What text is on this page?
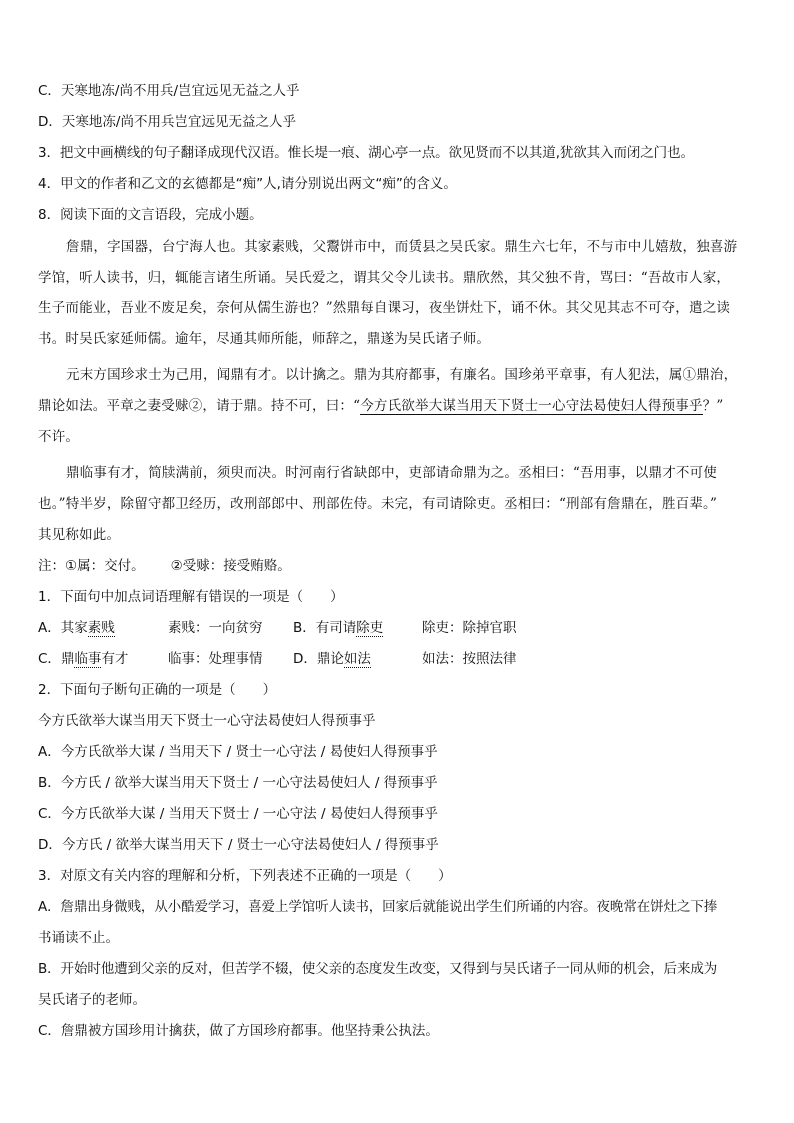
C．天寒地冻/尚不用兵/岂宜远见无益之人乎
D．天寒地冻/尚不用兵岂宜远见无益之人乎
3．把文中画横线的句子翻译成现代汉语。惟长堤一痕、湖心亭一点。欲见贤而不以其道,犹欲其入而闭之门也。
4．甲文的作者和乙文的玄德都是“痴”人,请分别说出两文“痴”的含义。
8．阅读下面的文言语段，完成小题。
詹鼎，字国器，台宁海人也。其家素贱，父鬻饼市中，而赁县之吴氏家。鼎生六七年，不与市中儿嬉敖，独喜游
学馆，听人读书，归，辄能言诸生所诵。吴氏爱之，谓其父令儿读书。鼎欣然，其父独不肯，骂曰：“吾故市人家，
生子而能业，吾业不废足矣，奈何从儒生游也？”然鼎每自课习，夜坐饼灶下，诵不休。其父见其志不可夺，遣之读
书。时吴氏家延师儒。逾年，尽通其师所能，师辞之，鼎遂为吴氏诸子师。
元末方国珍求士为己用，闻鼎有才。以计擒之。鼎为其府都事，有廉名。国珍弟平章事，有人犯法，属①鼎治，
鼎论如法。平章之妻受赇②，请于鼎。持不可，曰：“今方氏欲举大谋当用天下贤士一心守法曷使妇人得预事乎？”
不许。
鼎临事有才，简牍满前，须臾而决。时河南行省缺郎中，吏部请命鼎为之。丞相曰：“吾用事，以鼎才不可使
也。”特半岁，除留守都卫经历，改刑部郎中、刑部佐侍。未完，有司请除吏。丞相曰：“刑部有詹鼎在，胜百辈。”
其见称如此。
注：①属：交付。 ②受赇：接受贿赂。
1．下面句中加点词语理解有错误的一项是（　　）
A．其家素贱	素贱：一向贫穷 B．有司请除吏	除吏：除掉官职
C．鼎临事有才	临事：处理事情 D．鼎论如法	如法：按照法律
2．下面句子断句正确的一项是（　　）
今方氏欲举大谋当用天下贤士一心守法曷使妇人得预事乎
A．今方氏欲举大谋 / 当用天下 / 贤士一心守法 / 曷使妇人得预事乎
B．今方氏 / 欲举大谋当用天下贤士 / 一心守法曷使妇人 / 得预事乎
C．今方氏欲举大谋 / 当用天下贤士 / 一心守法 / 曷使妇人得预事乎
D．今方氏 / 欲举大谋当用天下 / 贤士一心守法曷使妇人 / 得预事乎
3．对原文有关内容的理解和分析，下列表述不正确的一项是（　　）
A．詹鼎出身微贱，从小酷爱学习，喜爱上学馆听人读书，回家后就能说出学生们所诵的内容。夜晚常在饼灶之下捧
书诵读不止。
B．开始时他遭到父亲的反对，但苦学不辍，使父亲的态度发生改变，又得到与吴氏诸子一同从师的机会，后来成为
吴氏诸子的老师。
C．詹鼎被方国珍用计擒获，做了方国珍府都事。他坚持秉公执法。
